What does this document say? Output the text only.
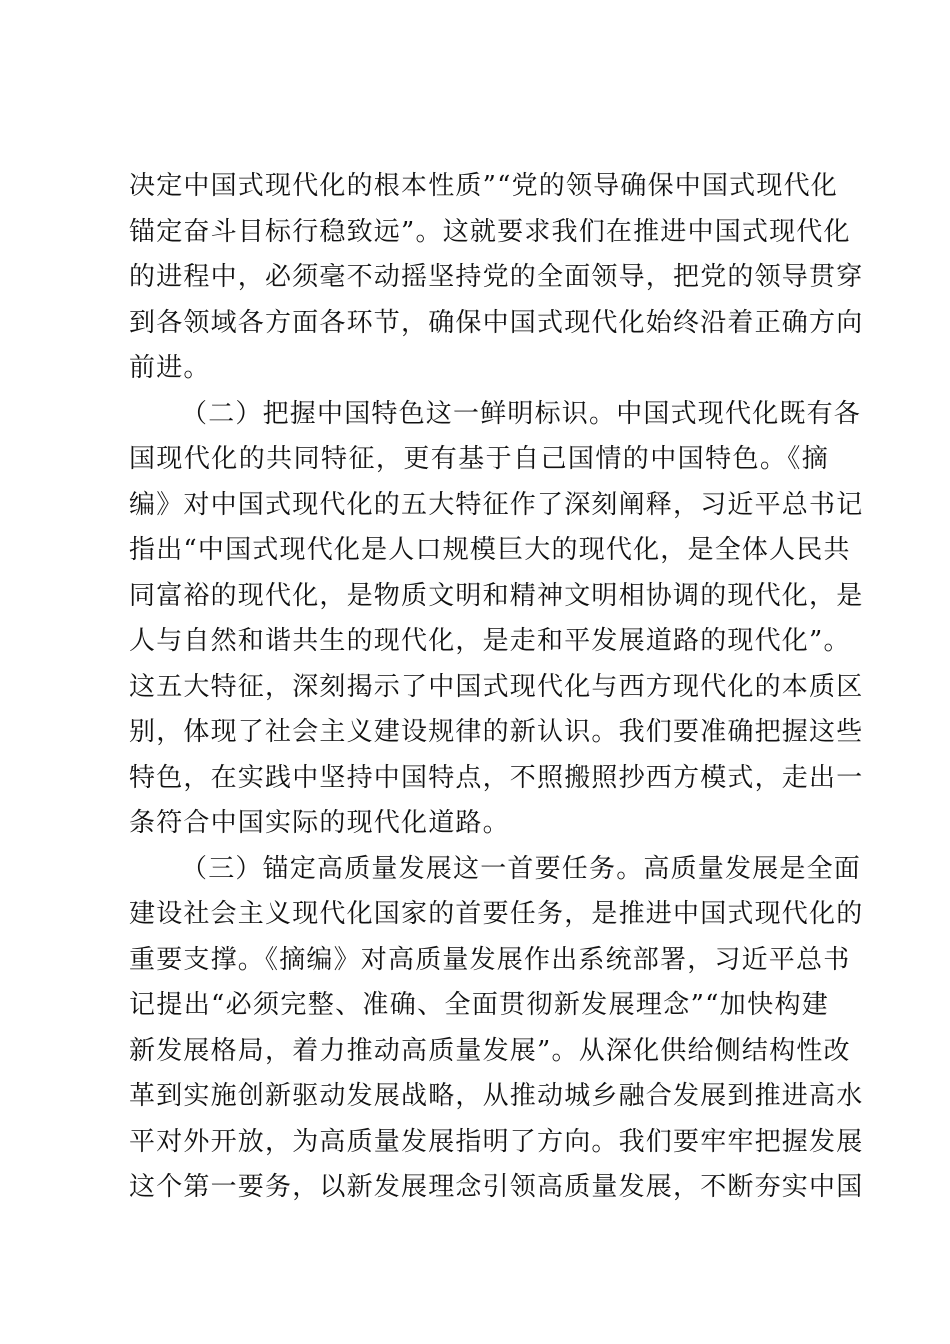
决定中国式现代化的根本性质”“党的领导确保中国式现代化
锚定奋斗目标行稳致远”。这就要求我们在推进中国式现代化
的进程中，必须毫不动摇坚持党的全面领导，把党的领导贯穿
到各领域各方面各环节，确保中国式现代化始终沿着正确方向
前进。
（二）把握中国特色这一鲜明标识。中国式现代化既有各
国现代化的共同特征，更有基于自己国情的中国特色。《摘
编》对中国式现代化的五大特征作了深刻阐释，习近平总书记
指出“中国式现代化是人口规模巨大的现代化，是全体人民共
同富裕的现代化，是物质文明和精神文明相协调的现代化，是
人与自然和谐共生的现代化，是走和平发展道路的现代化”。
这五大特征，深刻揭示了中国式现代化与西方现代化的本质区
别，体现了社会主义建设规律的新认识。我们要准确把握这些
特色，在实践中坚持中国特点，不照搬照抄西方模式，走出一
条符合中国实际的现代化道路。
（三）锚定高质量发展这一首要任务。高质量发展是全面
建设社会主义现代化国家的首要任务，是推进中国式现代化的
重要支撑。《摘编》对高质量发展作出系统部署，习近平总书
记提出“必须完整、准确、全面贯彻新发展理念”“加快构建
新发展格局，着力推动高质量发展”。从深化供给侧结构性改
革到实施创新驱动发展战略，从推动城乡融合发展到推进高水
平对外开放，为高质量发展指明了方向。我们要牢牢把握发展
这个第一要务，以新发展理念引领高质量发展，不断夯实中国
